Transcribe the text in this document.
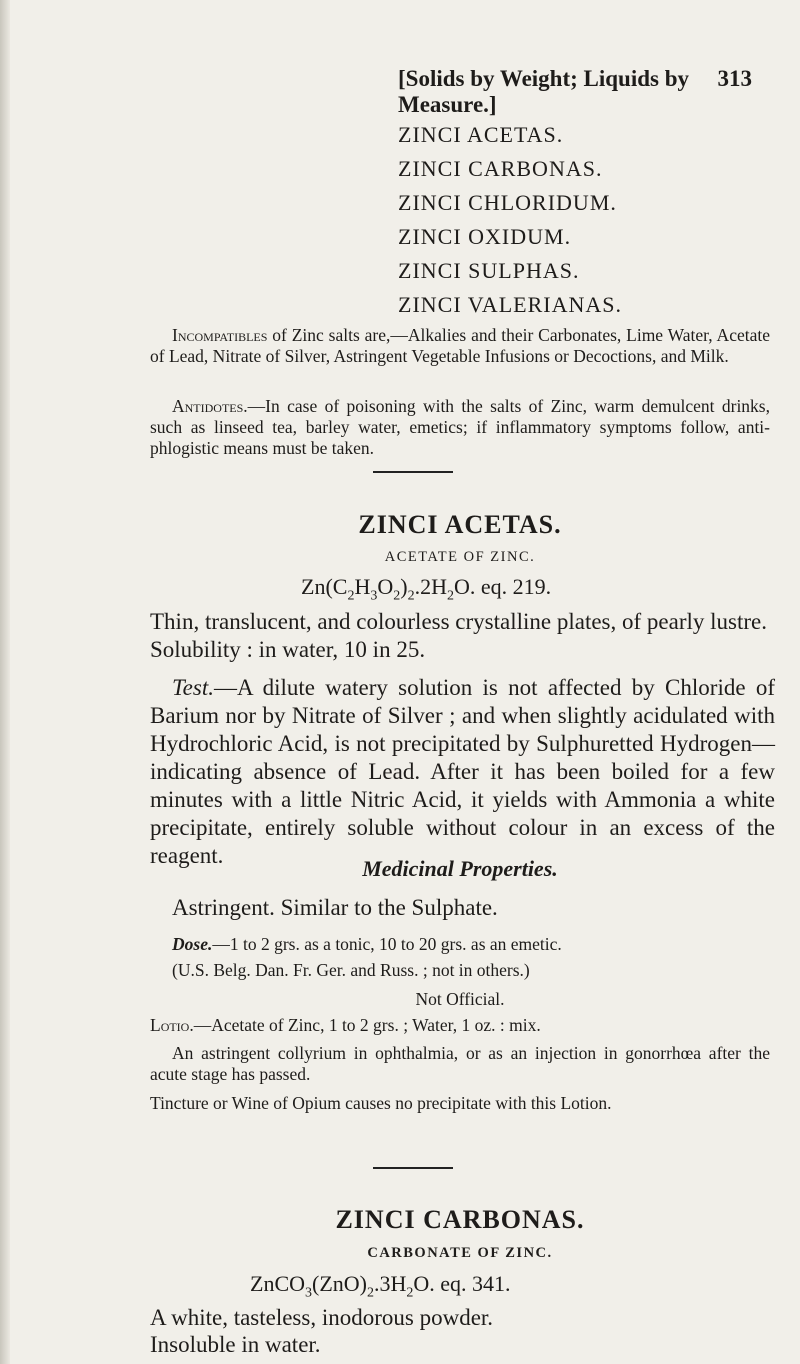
[Solids by Weight; Liquids by Measure.]
313
ZINCI ACETAS.
ZINCI CARBONAS.
ZINCI CHLORIDUM.
ZINCI OXIDUM.
ZINCI SULPHAS.
ZINCI VALERIANAS.
Incompatibles of Zinc salts are,—Alkalies and their Carbonates, Lime Water, Acetate of Lead, Nitrate of Silver, Astringent Vegetable Infusions or Decoctions, and Milk.
Antidotes.—In case of poisoning with the salts of Zinc, warm demulcent drinks, such as linseed tea, barley water, emetics; if inflammatory symptoms follow, anti-phlogistic means must be taken.
ZINCI ACETAS.
ACETATE OF ZINC.
$Zn(C_2H_3O_2)_2.2H_2O$. eq. 219.
Thin, translucent, and colourless crystalline plates, of pearly lustre.
Solubility : in water, 10 in 25.
Test.—A dilute watery solution is not affected by Chloride of Barium nor by Nitrate of Silver ; and when slightly acidulated with Hydrochloric Acid, is not precipitated by Sulphuretted Hydrogen—indicating absence of Lead. After it has been boiled for a few minutes with a little Nitric Acid, it yields with Ammonia a white precipitate, entirely soluble without colour in an excess of the reagent.
Medicinal Properties.
Astringent. Similar to the Sulphate.
Dose.—1 to 2 grs. as a tonic, 10 to 20 grs. as an emetic.
(U.S. Belg. Dan. Fr. Ger. and Russ. ; not in others.)
Not Official.
Lotio.—Acetate of Zinc, 1 to 2 grs. ; Water, 1 oz. : mix.
An astringent collyrium in ophthalmia, or as an injection in gonorrhœa after the acute stage has passed.
Tincture or Wine of Opium causes no precipitate with this Lotion.
ZINCI CARBONAS.
CARBONATE OF ZINC.
$ZnCO_3(ZnO)_2.3H_2O$. eq. 341.
A white, tasteless, inodorous powder.
Insoluble in water.
